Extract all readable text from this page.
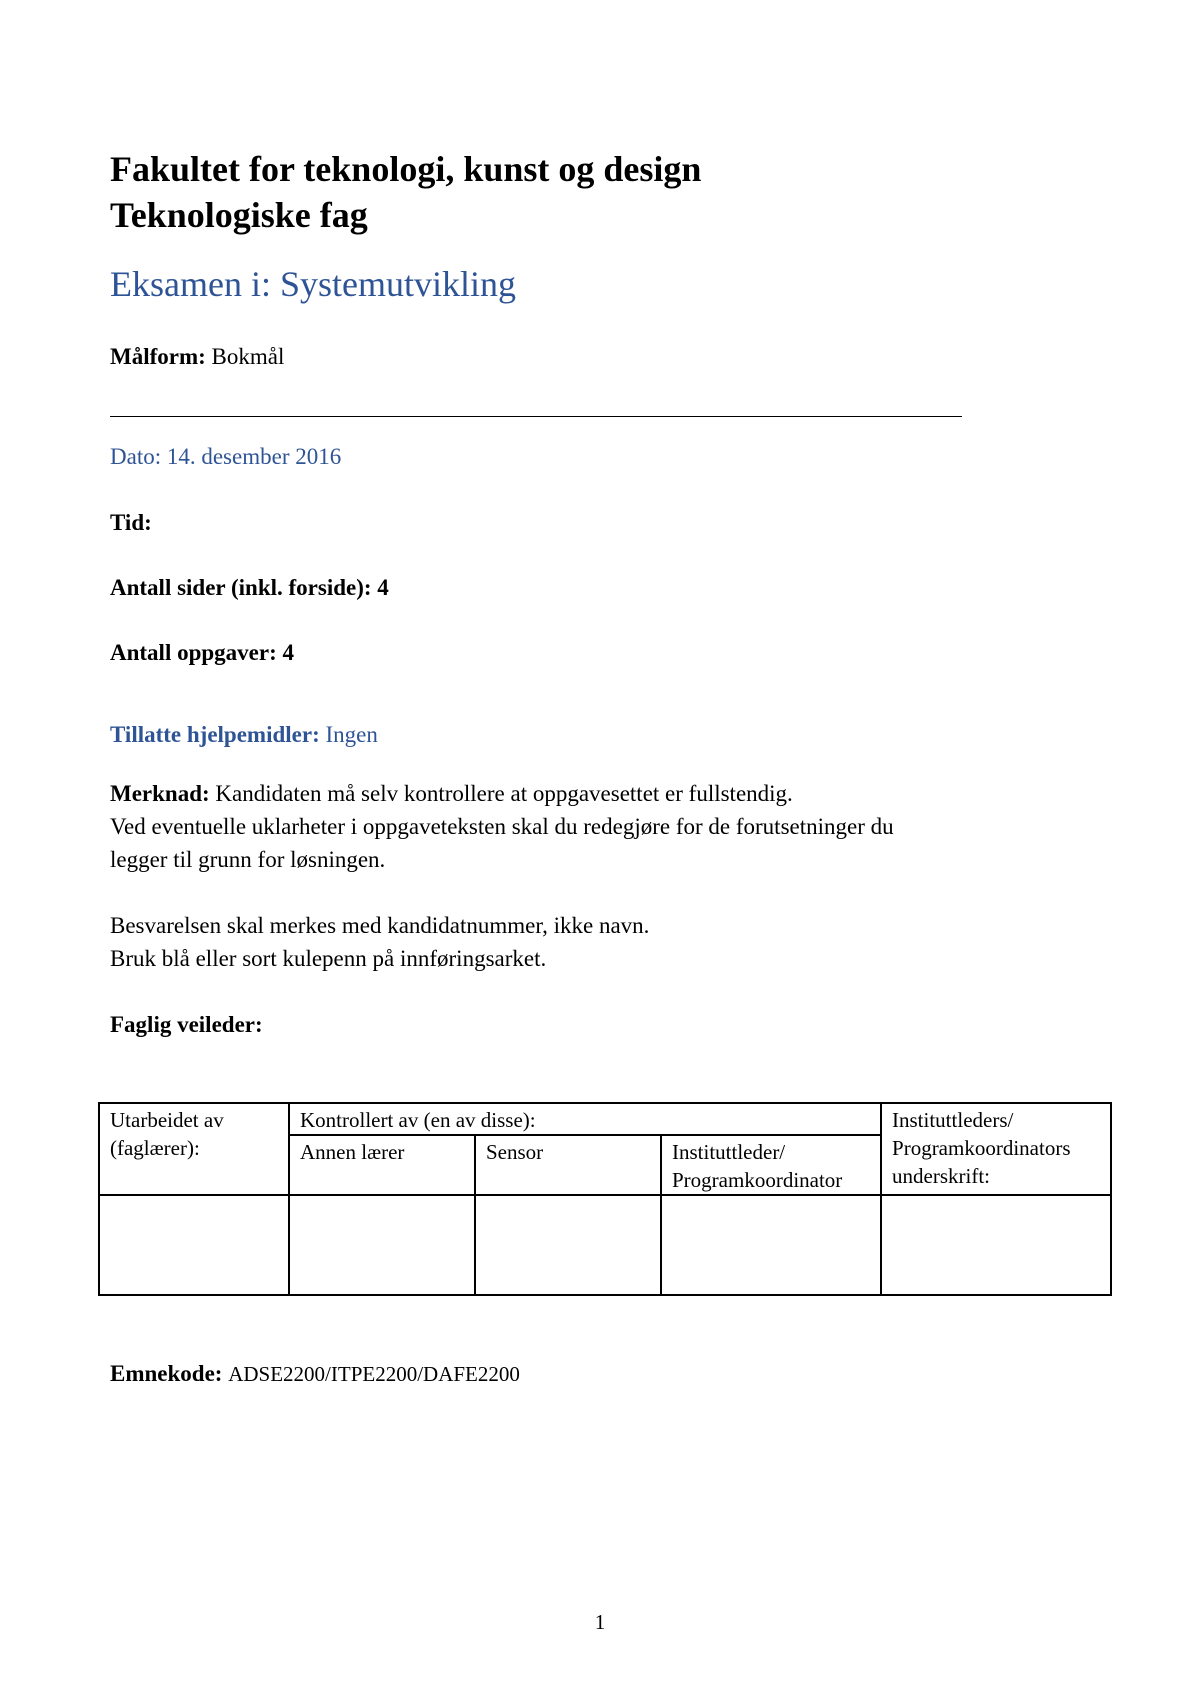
Fakultet for teknologi, kunst og design
Teknologiske fag
Eksamen i: Systemutvikling
Målform: Bokmål
Dato: 14. desember 2016
Tid:
Antall sider (inkl. forside): 4
Antall oppgaver: 4
Tillatte hjelpemidler: Ingen
Merknad: Kandidaten må selv kontrollere at oppgavesettet er fullstendig.
Ved eventuelle uklarheter i oppgaveteksten skal du redegjøre for de forutsetninger du
legger til grunn for løsningen.
Besvarelsen skal merkes med kandidatnummer, ikke navn.
Bruk blå eller sort kulepenn på innføringsarket.
Faglig veileder:
Utarbeidet av (faglærer):	Kontrollert av (en av disse):			Instituttleders/ Programkoordinators underskrift:
	Annen lærer	Sensor	Instituttleder/ Programkoordinator	

Emnekode: ADSE2200/ITPE2200/DAFE2200
1
